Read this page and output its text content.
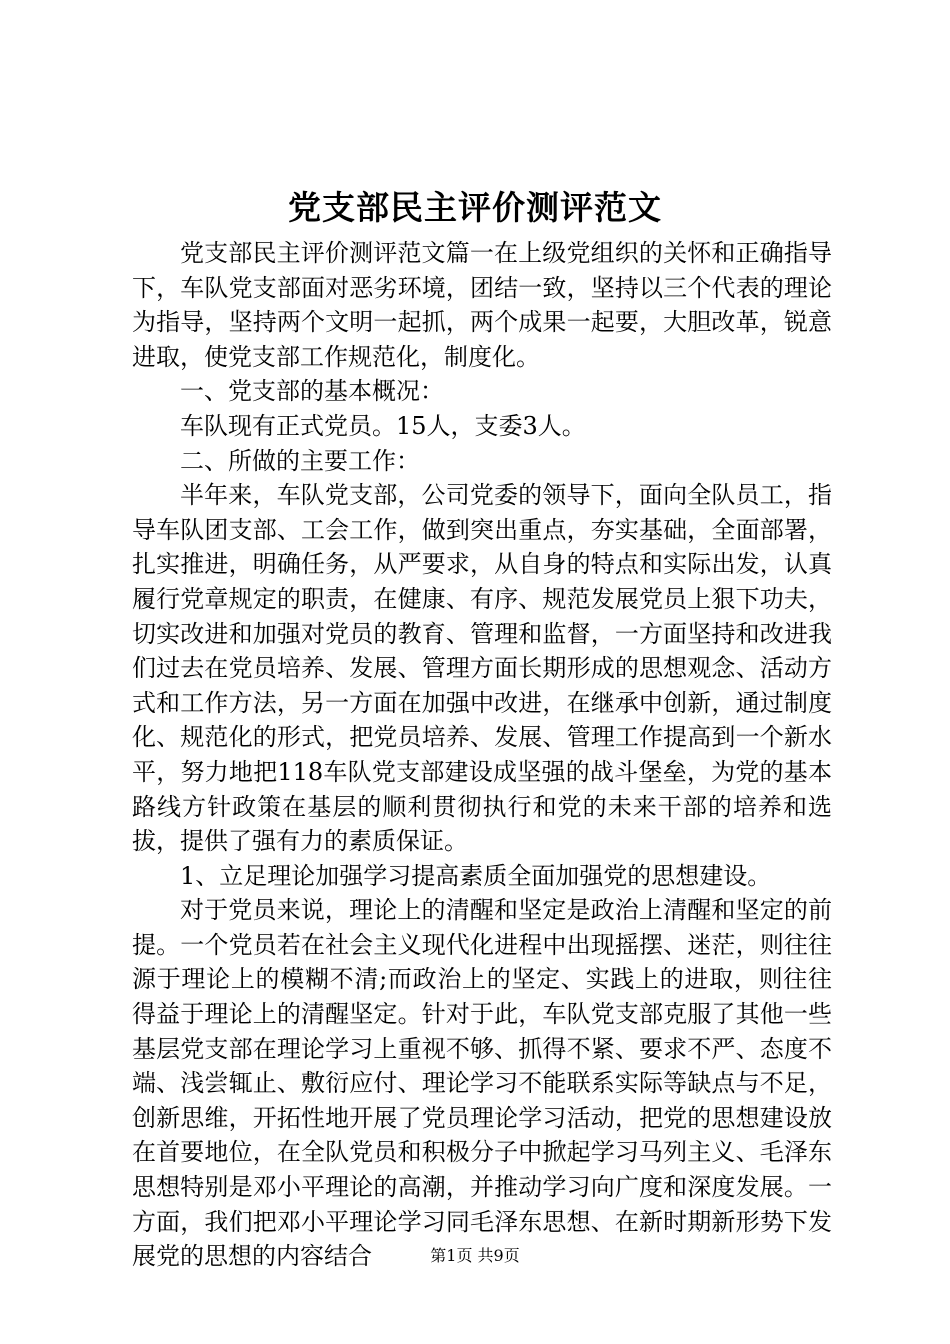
党支部民主评价测评范文

党支部民主评价测评范文篇一在上级党组织的关怀和正确指导下，车队党支部面对恶劣环境，团结一致，坚持以三个代表的理论为指导，坚持两个文明一起抓，两个成果一起要，大胆改革，锐意进取，使党支部工作规范化，制度化。

一、党支部的基本概况：

车队现有正式党员。15人，支委3人。

二、所做的主要工作：

半年来，车队党支部，公司党委的领导下，面向全队员工，指导车队团支部、工会工作，做到突出重点，夯实基础，全面部署，扎实推进，明确任务，从严要求，从自身的特点和实际出发，认真履行党章规定的职责，在健康、有序、规范发展党员上狠下功夫，切实改进和加强对党员的教育、管理和监督，一方面坚持和改进我们过去在党员培养、发展、管理方面长期形成的思想观念、活动方式和工作方法，另一方面在加强中改进，在继承中创新，通过制度化、规范化的形式，把党员培养、发展、管理工作提高到一个新水平，努力地把118车队党支部建设成坚强的战斗堡垒，为党的基本路线方针政策在基层的顺利贯彻执行和党的未来干部的培养和选拔，提供了强有力的素质保证。

1、立足理论加强学习提高素质全面加强党的思想建设。

对于党员来说，理论上的清醒和坚定是政治上清醒和坚定的前提。一个党员若在社会主义现代化进程中出现摇摆、迷茫，则往往源于理论上的模糊不清;而政治上的坚定、实践上的进取，则往往得益于理论上的清醒坚定。针对于此，车队党支部克服了其他一些基层党支部在理论学习上重视不够、抓得不紧、要求不严、态度不端、浅尝辄止、敷衍应付、理论学习不能联系实际等缺点与不足，创新思维，开拓性地开展了党员理论学习活动，把党的思想建设放在首要地位，在全队党员和积极分子中掀起学习马列主义、毛泽东思想特别是邓小平理论的高潮，并推动学习向广度和深度发展。一方面，我们把邓小平理论学习同毛泽东思想、在新时期新形势下发展党的思想的内容结合	第1页 共9页
